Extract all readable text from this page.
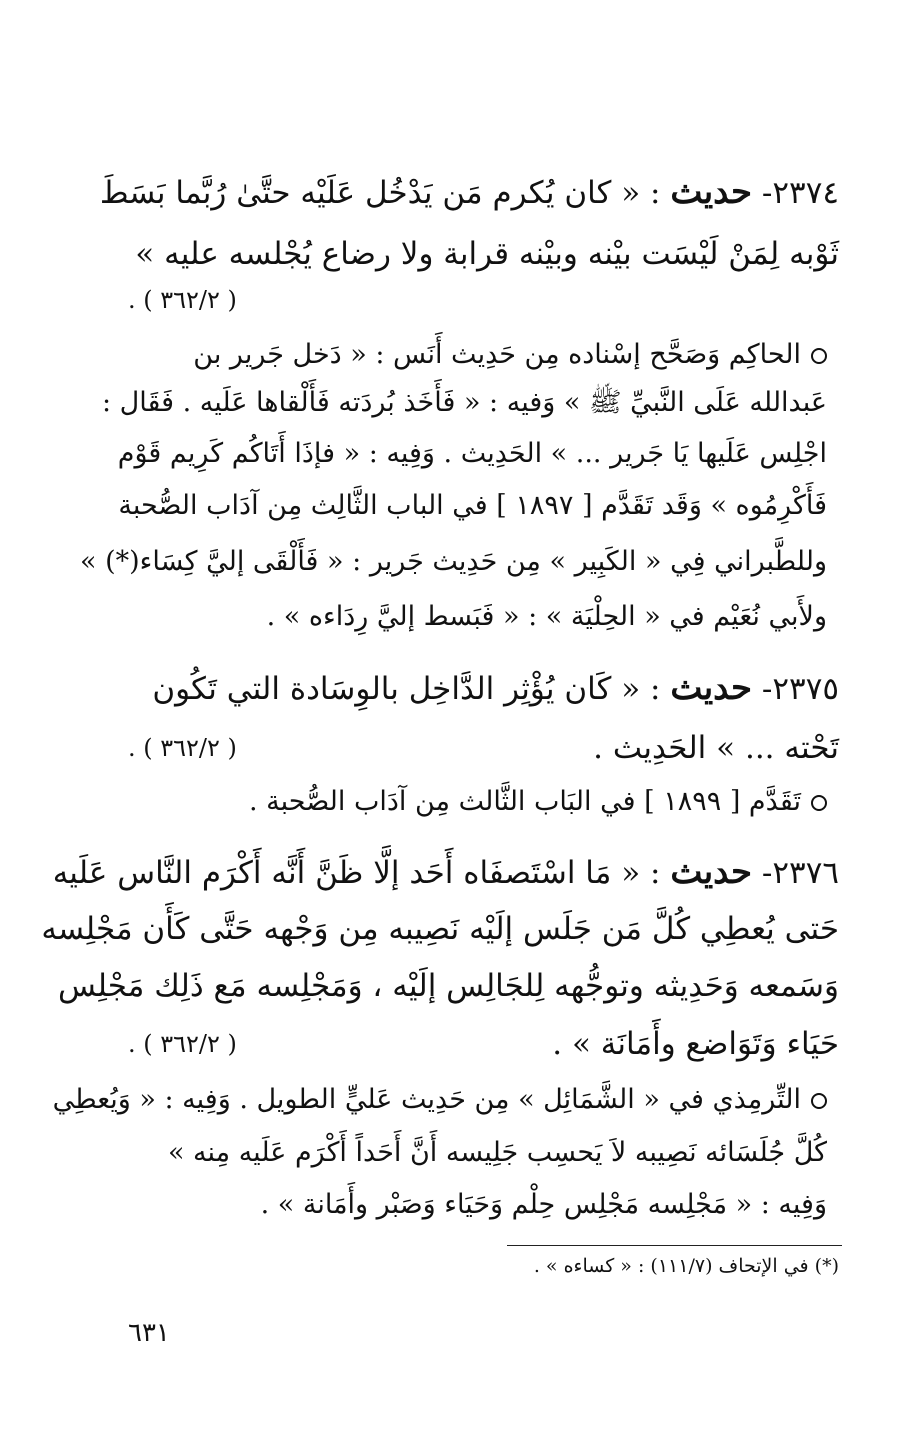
٢٣٧٤- حديث : « كان يُكرم مَن يَدْخُل عَلَيْه حتَّىٰ رُبَّما بَسَطَ
ثَوْبه لِمَنْ لَيْسَت بيْنه وبيْنه قرابة ولا رضاع يُجْلسه عليه »
( ٣٦٢/٢ ) .
الحاكِم وَصَحَّح إسْناده مِن حَدِيث أَنَس : « دَخل جَرير بن
عَبدالله عَلَى النَّبيِّ ﷺ » وَفيه : « فَأَخَذ بُردَته فَأَلْقاها عَلَيه . فَقَال :
اجْلِس عَلَيها يَا جَرير ... » الحَدِيث . وَفِيه : « فإذَا أَتَاكُم كَرِيم قَوْم
فَأَكْرِمُوه » وَقَد تَقَدَّم [ ١٨٩٧ ] في الباب الثَّالِث مِن آدَاب الصُّحبة
وللطَّبراني فِي « الكَبِير » مِن حَدِيث جَرير : « فَأَلْقَى إليَّ كِسَاء(*) »
ولأَبي نُعَيْم في « الحِلْيَة » : « فَبَسط إليَّ رِدَاءه » .
٢٣٧٥- حديث : « كَان يُؤْثِر الدَّاخِل بالوِسَادة التي تَكُون
تَحْته ... » الحَدِيث .
( ٣٦٢/٢ ) .
تَقَدَّم [ ١٨٩٩ ] في البَاب الثَّالث مِن آدَاب الصُّحبة .
٢٣٧٦- حديث : « مَا اسْتَصفَاه أَحَد إلَّا ظَنَّ أَنَّه أَكْرَم النَّاس عَلَيه
حَتى يُعطِي كُلَّ مَن جَلَس إلَيْه نَصِيبه مِن وَجْهه حَتَّى كَأَن مَجْلِسه
وَسَمعه وَحَدِيثه وتوجُّهه لِلجَالِس إلَيْه ، وَمَجْلِسه مَع ذَلِك مَجْلِس
حَيَاء وَتَوَاضع وأَمَانَة » .
( ٣٦٢/٢ ) .
التِّرمِذي في « الشَّمَائِل » مِن حَدِيث عَليٍّ الطويل . وَفِيه : « وَيُعطِي
كُلَّ جُلَسَائه نَصِيبه لاَ يَحسِب جَلِيسه أَنَّ أَحَداً أَكْرَم عَلَيه مِنه »
وَفِيه : « مَجْلِسه مَجْلِس حِلْم وَحَيَاء وَصَبْر وأَمَانة » .
(*) في الإتحاف (١١١/٧) : « كساءه » .
٦٣١
